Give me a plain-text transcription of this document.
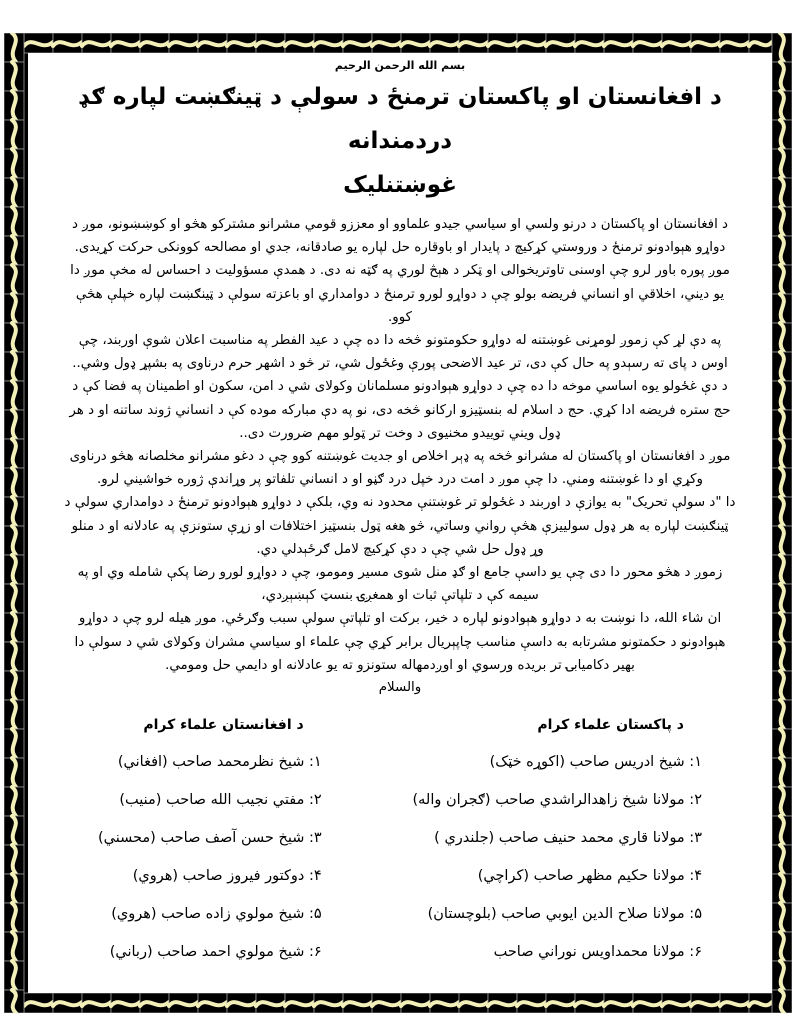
بسم الله الرحمن الرحیم
د افغانستان او پاکستان ترمنځ د سولې د ټینګښت لپاره ګډ دردمندانه
غوښتنلیک

د افغانستان او پاکستان د درنو ولسي او سیاسي جیدو علماوو او معززو قومي مشرانو مشترکو هڅو او کوښښونو، موږ د دواړو هېوادونو ترمنځ د وروستي کړکیچ د پایدار او باوقاره حل لپاره یو صادقانه، جدي او مصالحه کوونکی حرکت کړیدی.

موږ پوره باور لرو چې اوسنی تاوتریخوالی او ټکر د هېڅ لوري په ګټه نه دی. د همدې مسؤولیت د احساس له مخې موږ دا یو دیني، اخلاقي او انساني فریضه بولو چې د دواړو لورو ترمنځ د دوامداري او باعزته سولې د ټینګښت لپاره خپلې هڅې کوو.

په دې لړ کې زموږ لومړنی غوښتنه له دواړو حکومتونو څخه دا ده چې د عید الفطر په مناسبت اعلان شوې اوربند، چې اوس د پای ته رسېدو په حال کې دی، تر عید الاضحی پورې وغځول شي، تر څو د اشهر حرم درناوی په بشپړ ډول وشي..

د دې غځولو یوه اساسي موخه دا ده چې د دواړو هېوادونو مسلمانان وکولای شي د امن، سکون او اطمینان په فضا کې د حج ستره فریضه ادا کړي. حج د اسلام له بنسټیزو ارکانو څخه دی، نو په دې مبارکه موده کې د انساني ژوند ساتنه او د هر ډول ویني توییدو مخنیوی د وخت تر ټولو مهم ضرورت دی..

موږ د افغانستان او پاکستان له مشرانو څخه په ډېر اخلاص او جدیت غوښتنه کوو چې د دغو مشرانو مخلصانه هڅو درناوی وکړي او دا غوښتنه ومني. دا چې موږ د امت درد خپل درد ګڼو او د انساني تلفاتو پر وړاندې ژوره خواشیني لرو.

دا "د سولې تحریک" به یوازې د اوربند د غځولو تر غوښتنې محدود نه وي، بلکې د دواړو هېوادونو ترمنځ د دوامداري سولې د ټینګښت لپاره به هر ډول سولییزې هڅې رواني وساتي، څو هغه ټول بنسټیز اختلافات او زړې ستونزې په عادلانه او د منلو وړ ډول حل شي چې د دې کړکیچ لامل ګرځېدلي دي.

زموږ د هڅو محور دا دی چې یو داسې جامع او ګډ منل شوی مسیر ومومو، چې د دواړو لورو رضا پکې شامله وي او په سیمه کې د تلپاتې ثبات او همغږۍ بنسټ کېښېږدي،

ان شاء الله، دا نوښت به د دواړو هېوادونو لپاره د خیر، برکت او تلپاتې سولې سبب وګرځي. موږ هیله لرو چې د دواړو هېوادونو د حکمتونو مشرتابه به داسې مناسب چاپېریال برابر کړي چې علماء او سیاسي مشران وکولای شي د سولې دا بهیر دکامیابۍ تر بریده ورسوي او اوږدمهاله ستونزو ته یو عادلانه او دایمي حل ومومي.

والسلام
د پاکستان علماء کرام
۱: شیخ ادریس صاحب (اکوړه خټک)
۲: مولانا شیخ زاهدالراشدي صاحب (ګجران واله)
۳: مولانا قاري محمد حنیف صاحب (جلندري )
۴: مولانا حکیم مظهر صاحب (کراچي)
۵: مولانا صلاح الدین ایوبي صاحب (بلوچستان)
۶: مولانا محمداویس نوراني صاحب
د افغانستان علماء کرام
۱: شیخ نظرمحمد صاحب (افغاني)
۲: مفتي نجیب الله صاحب (منیب)
۳: شیخ حسن آصف صاحب (محسني)
۴: دوکتور فیروز صاحب (هروي)
۵: شیخ مولوي زاده صاحب (هروي)
۶: شیخ مولوي احمد صاحب (رباني)
